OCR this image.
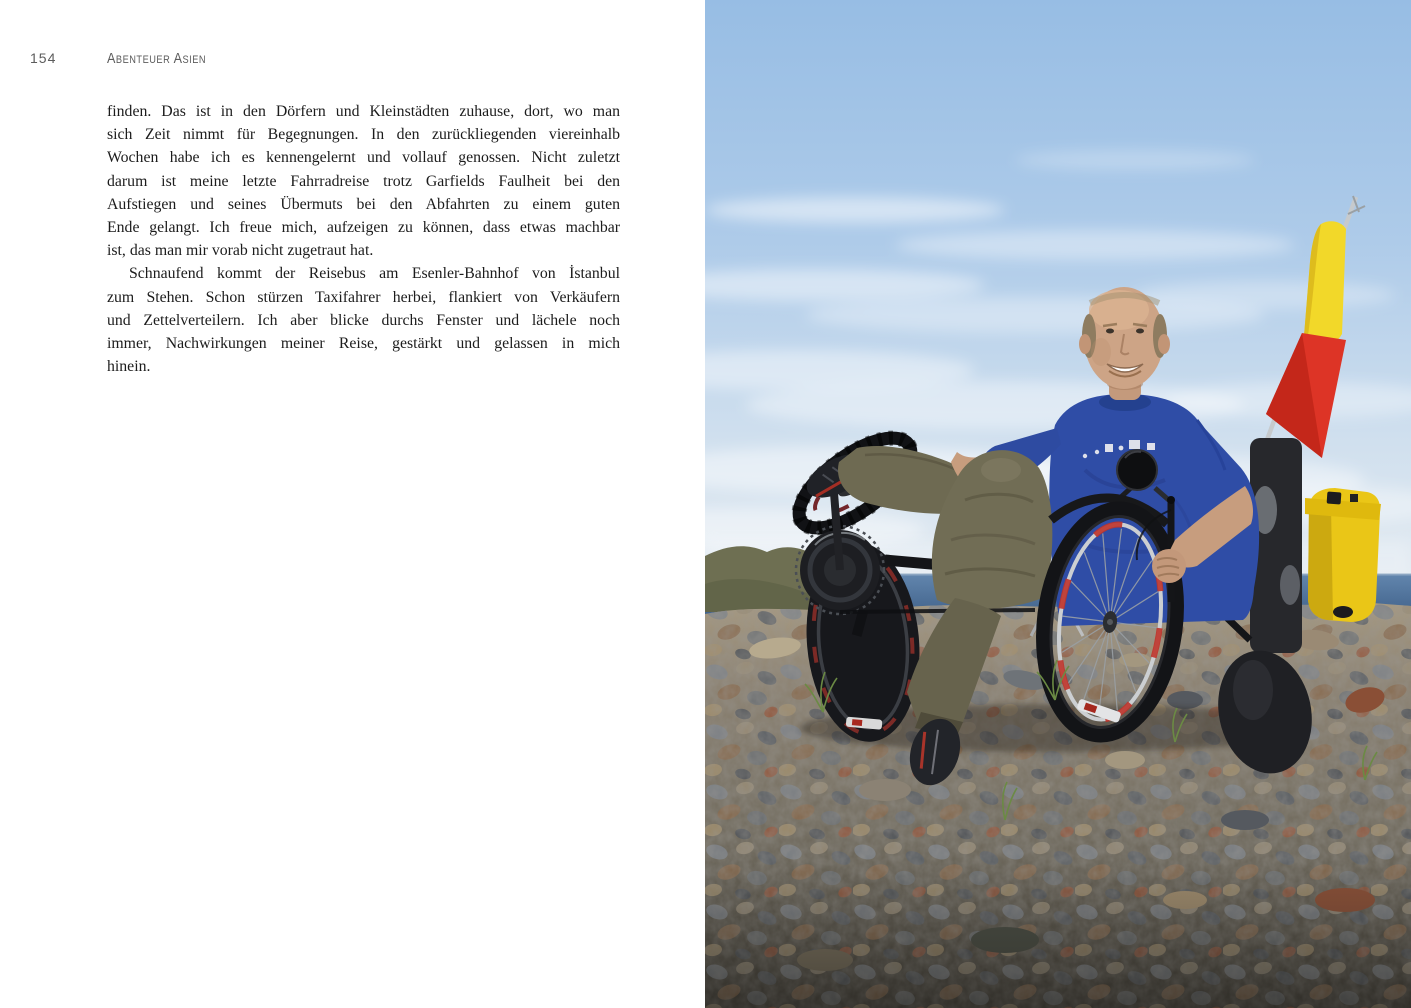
154	Abenteuer Asien

finden. Das ist in den Dörfern und Kleinstädten zuhause, dort, wo man
sich Zeit nimmt für Begegnungen. In den zurückliegenden viereinhalb
Wochen habe ich es kennengelernt und vollauf genossen. Nicht zuletzt
darum ist meine letzte Fahrradreise trotz Garfields Faulheit bei den
Aufstiegen und seines Übermuts bei den Abfahrten zu einem guten
Ende gelangt. Ich freue mich, aufzeigen zu können, dass etwas machbar
ist, das man mir vorab nicht zugetraut hat.

Schnaufend kommt der Reisebus am Esenler-Bahnhof von İstanbul
zum Stehen. Schon stürzen Taxifahrer herbei, flankiert von Verkäufern
und Zettelverteilern. Ich aber blicke durchs Fenster und lächele noch
immer, Nachwirkungen meiner Reise, gestärkt und gelassen in mich
hinein.
